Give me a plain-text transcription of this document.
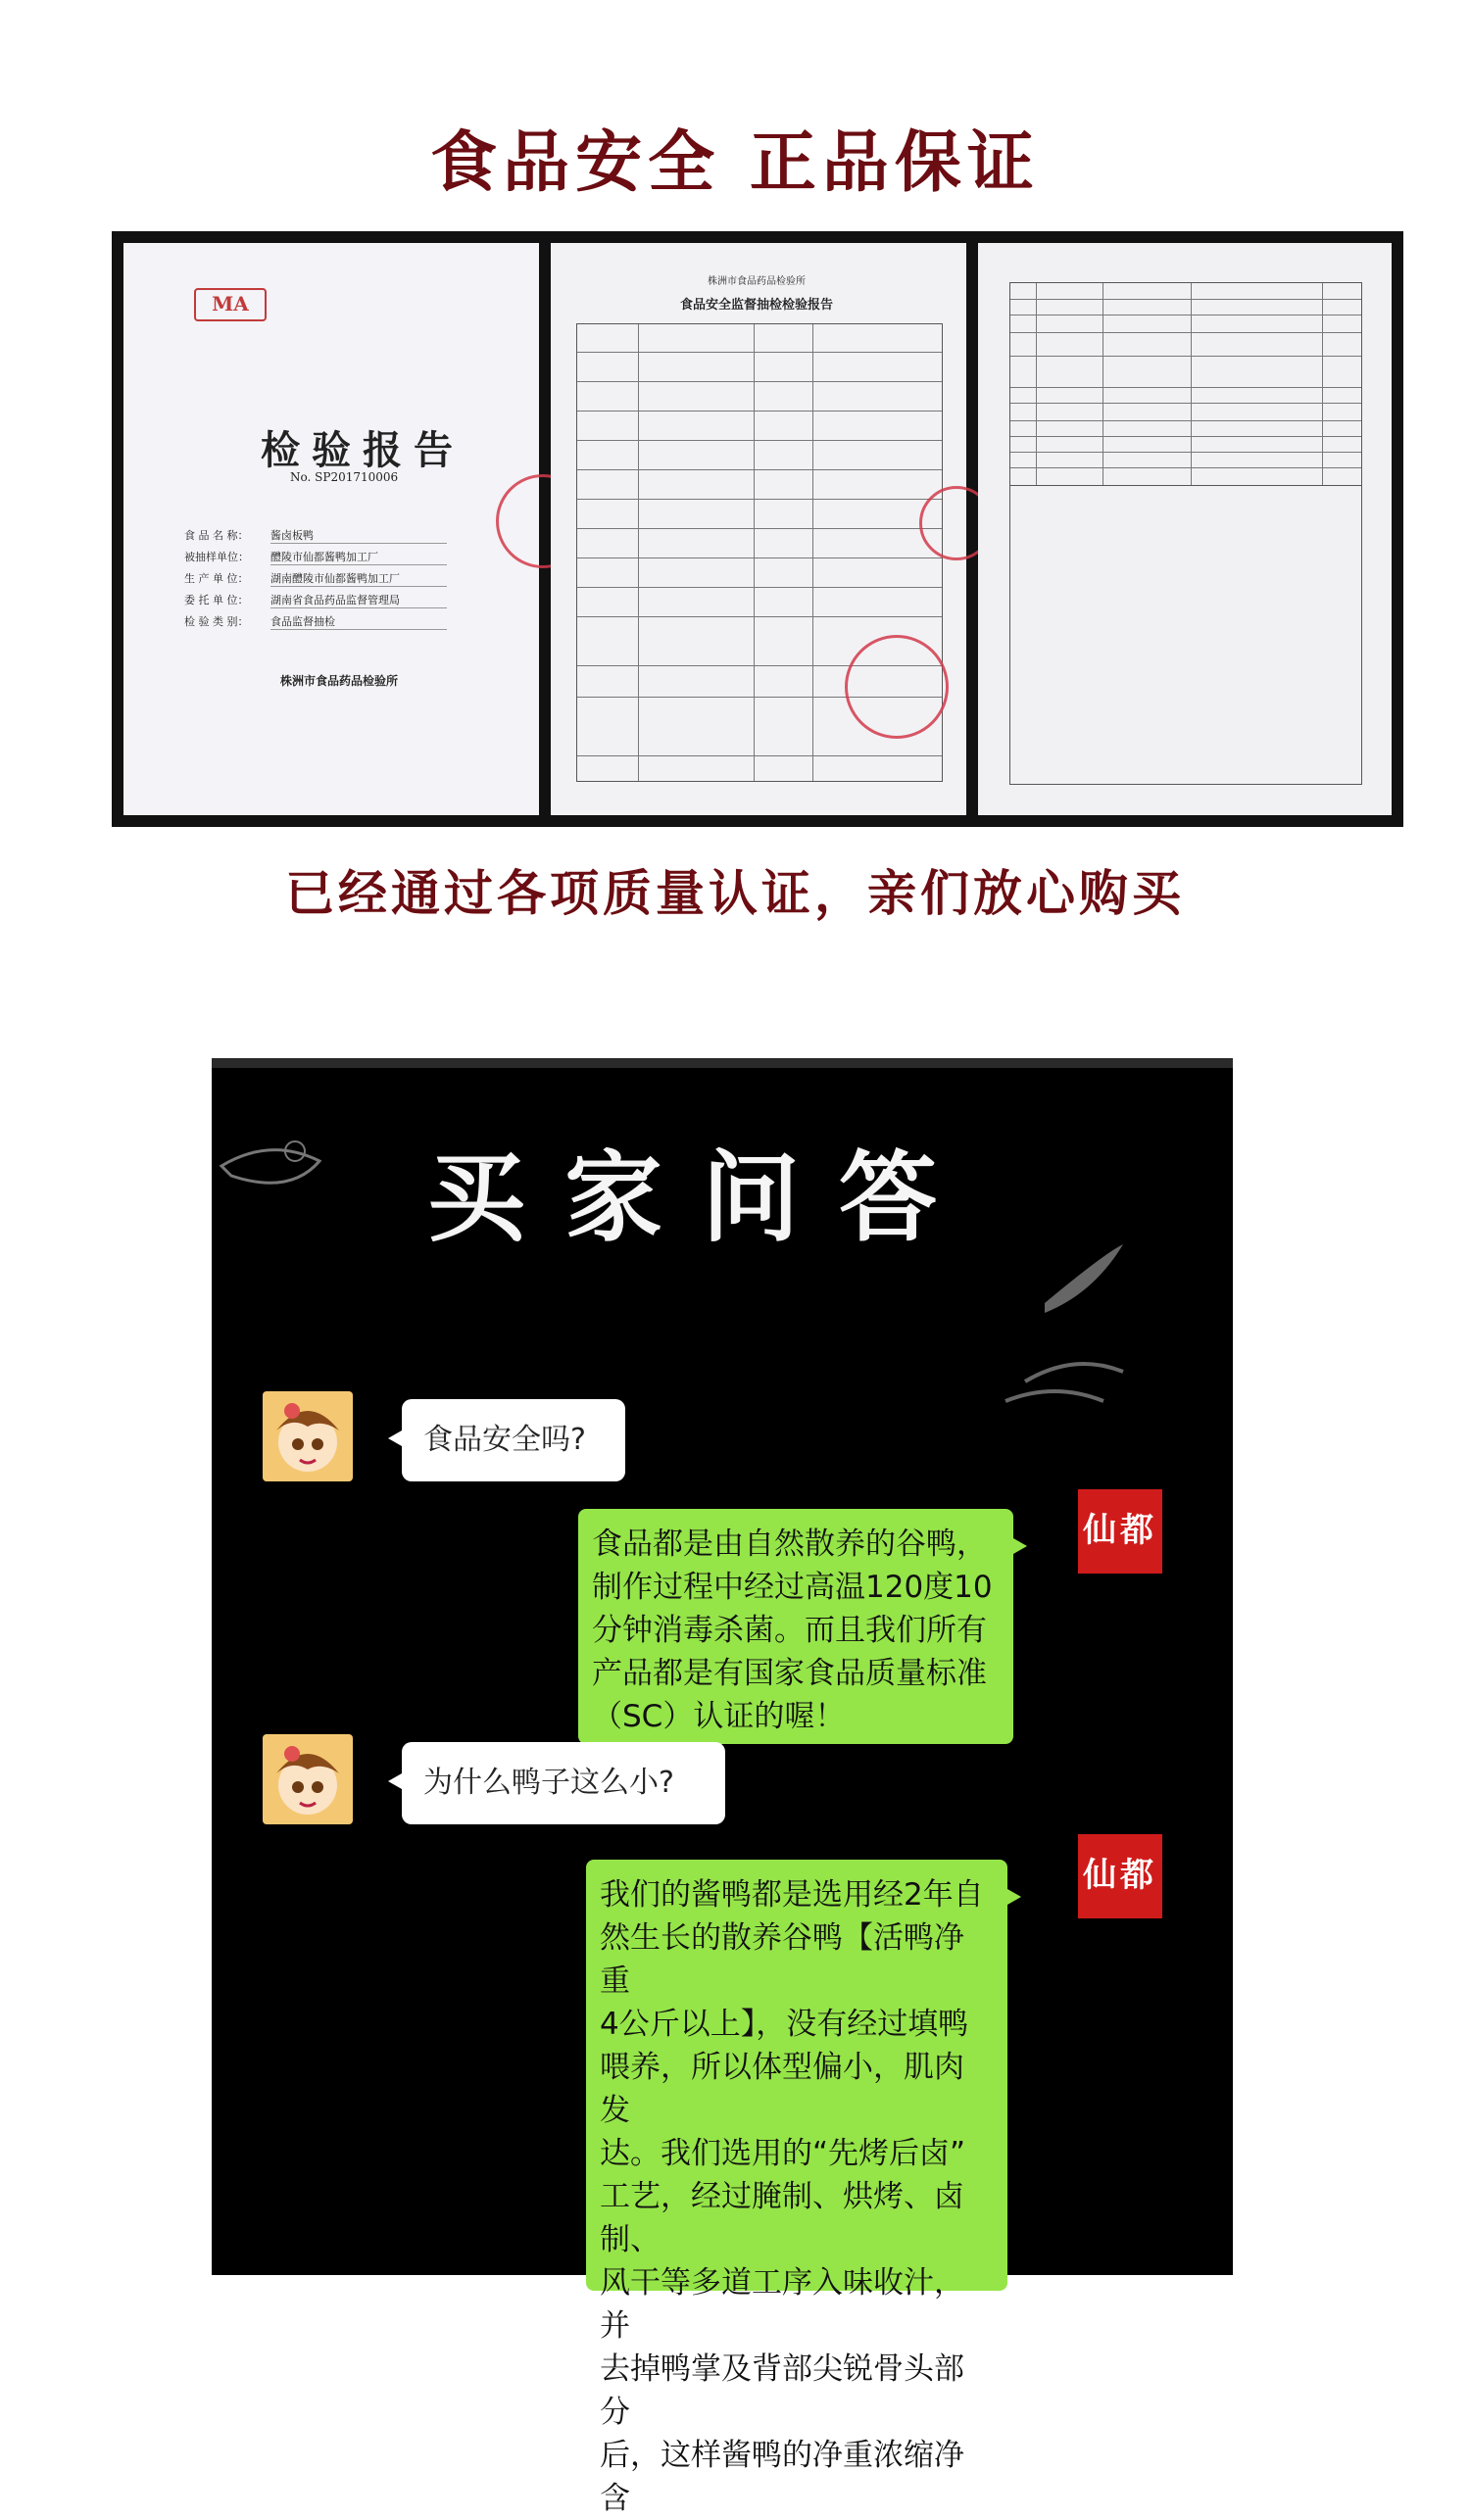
食品安全 正品保证
MA
检验报告
No. SP201710006
食 品 名 称： 酱卤板鸭
被抽样单位： 醴陵市仙都酱鸭加工厂
生 产 单 位： 湖南醴陵市仙都酱鸭加工厂
委 托 单 位： 湖南省食品药品监督管理局
检 验 类 别： 食品监督抽检
株洲市食品药品检验所
株洲市食品药品检验所
食品安全监督抽检检验报告
已经通过各项质量认证，亲们放心购买
买家问答
食品安全吗?
食品都是由自然散养的谷鸭，
制作过程中经过高温120度10
分钟消毒杀菌。而且我们所有
产品都是有国家食品质量标准
（SC）认证的喔！
仙都
为什么鸭子这么小?
我们的酱鸭都是选用经2年自
然生长的散养谷鸭【活鸭净重
4公斤以上】，没有经过填鸭
喂养，所以体型偏小，肌肉发
达。我们选用的“先烤后卤”
工艺，经过腌制、烘烤、卤制、
风干等多道工序入味收汁，并
去掉鸭掌及背部尖锐骨头部分
后，这样酱鸭的净重浓缩净含
仙都
